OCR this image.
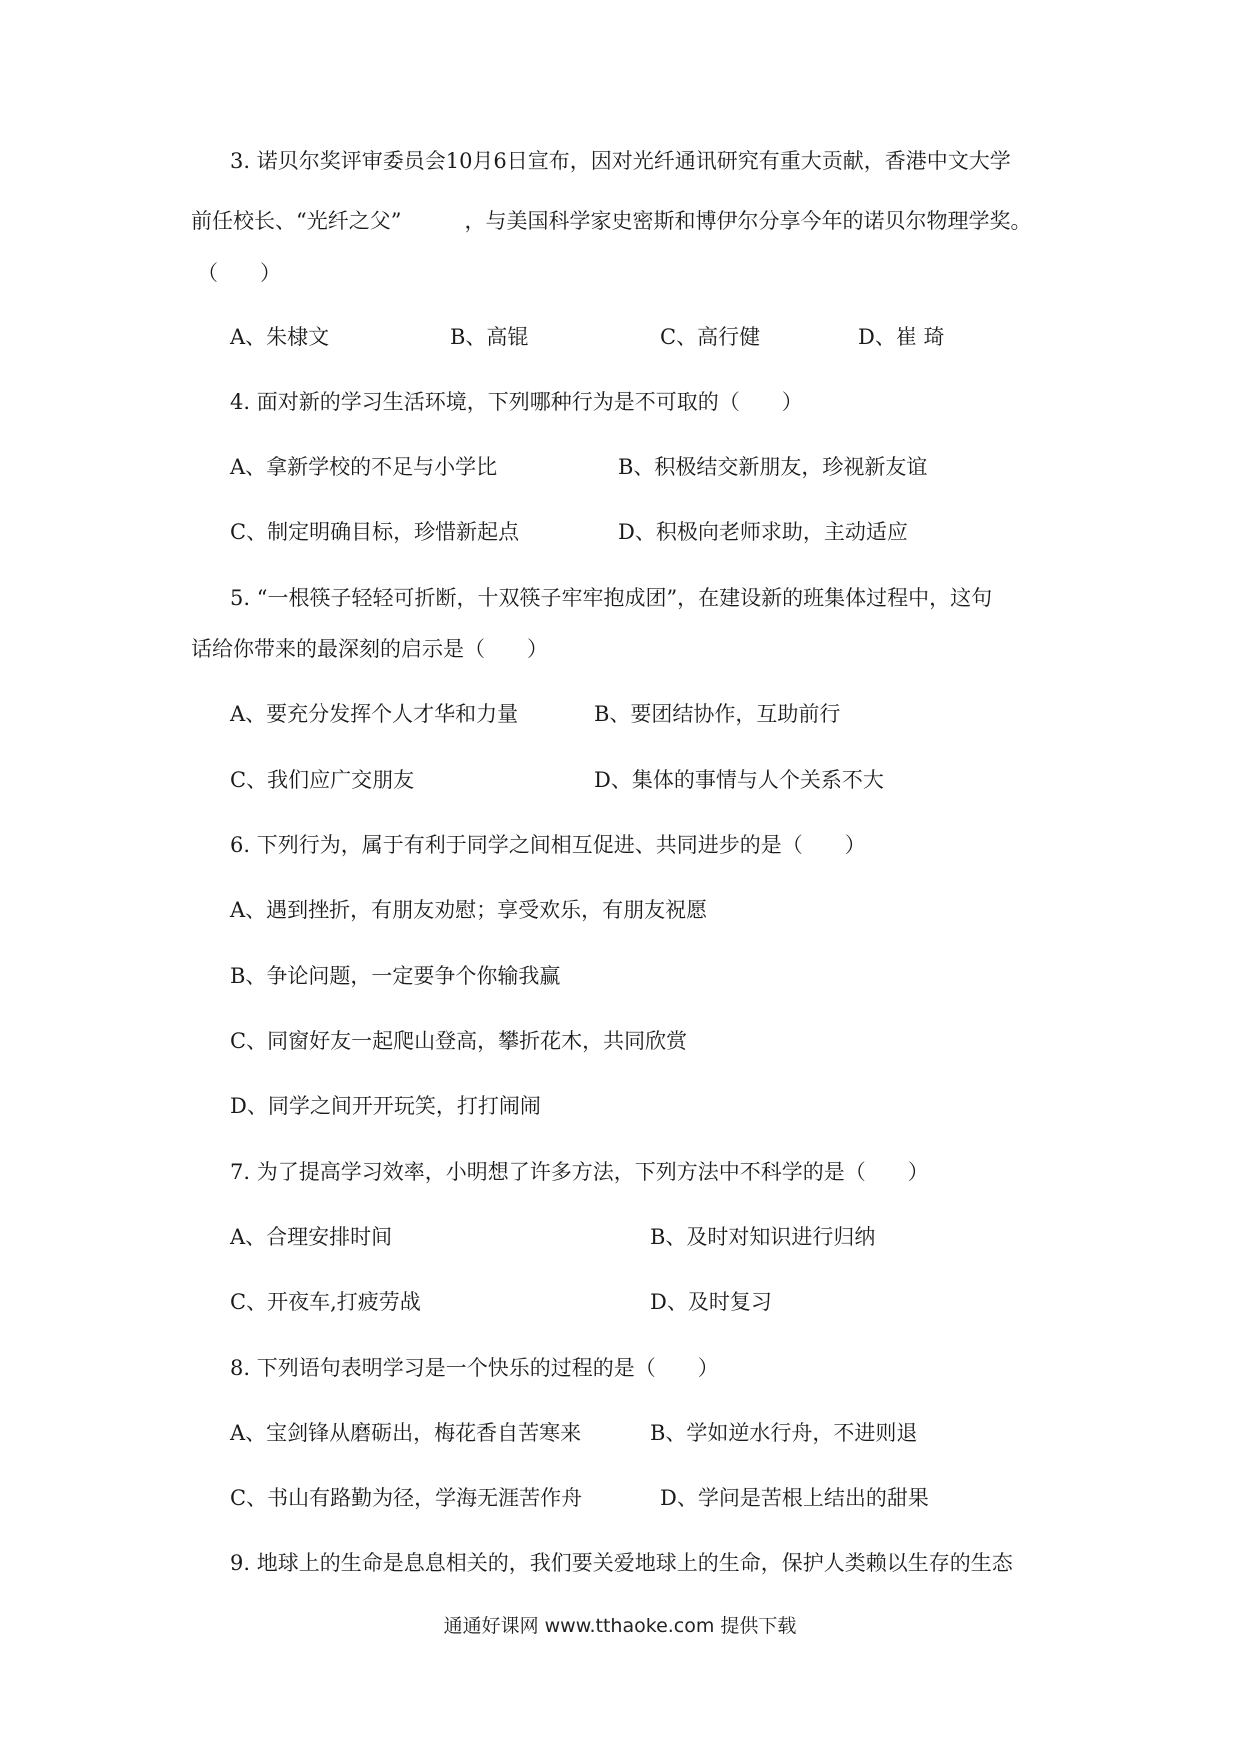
3. 诺贝尔奖评审委员会10月6日宣布，因对光纤通讯研究有重大贡献，香港中文大学
前任校长、“光纤之父”　　　，与美国科学家史密斯和博伊尔分享今年的诺贝尔物理学奖。
（　　）
A、朱棣文	B、高锟	C、高行健	D、崔 琦
4. 面对新的学习生活环境，下列哪种行为是不可取的（　　）
A、拿新学校的不足与小学比	B、积极结交新朋友，珍视新友谊
C、制定明确目标，珍惜新起点	D、积极向老师求助，主动适应
5. “一根筷子轻轻可折断，十双筷子牢牢抱成团”，在建设新的班集体过程中，这句
话给你带来的最深刻的启示是（　　）
A、要充分发挥个人才华和力量	B、要团结协作，互助前行
C、我们应广交朋友	D、集体的事情与人个关系不大
6. 下列行为，属于有利于同学之间相互促进、共同进步的是（　　）
A、遇到挫折，有朋友劝慰；享受欢乐，有朋友祝愿
B、争论问题，一定要争个你输我赢
C、同窗好友一起爬山登高，攀折花木，共同欣赏
D、同学之间开开玩笑，打打闹闹
7. 为了提高学习效率，小明想了许多方法，下列方法中不科学的是（　　）
A、合理安排时间	B、及时对知识进行归纳
C、开夜车,打疲劳战	D、及时复习
8. 下列语句表明学习是一个快乐的过程的是（　　）
A、宝剑锋从磨砺出，梅花香自苦寒来	B、学如逆水行舟，不进则退
C、书山有路勤为径，学海无涯苦作舟	D、学问是苦根上结出的甜果
9. 地球上的生命是息息相关的，我们要关爱地球上的生命，保护人类赖以生存的生态
通通好课网 www.tthaoke.com 提供下载
